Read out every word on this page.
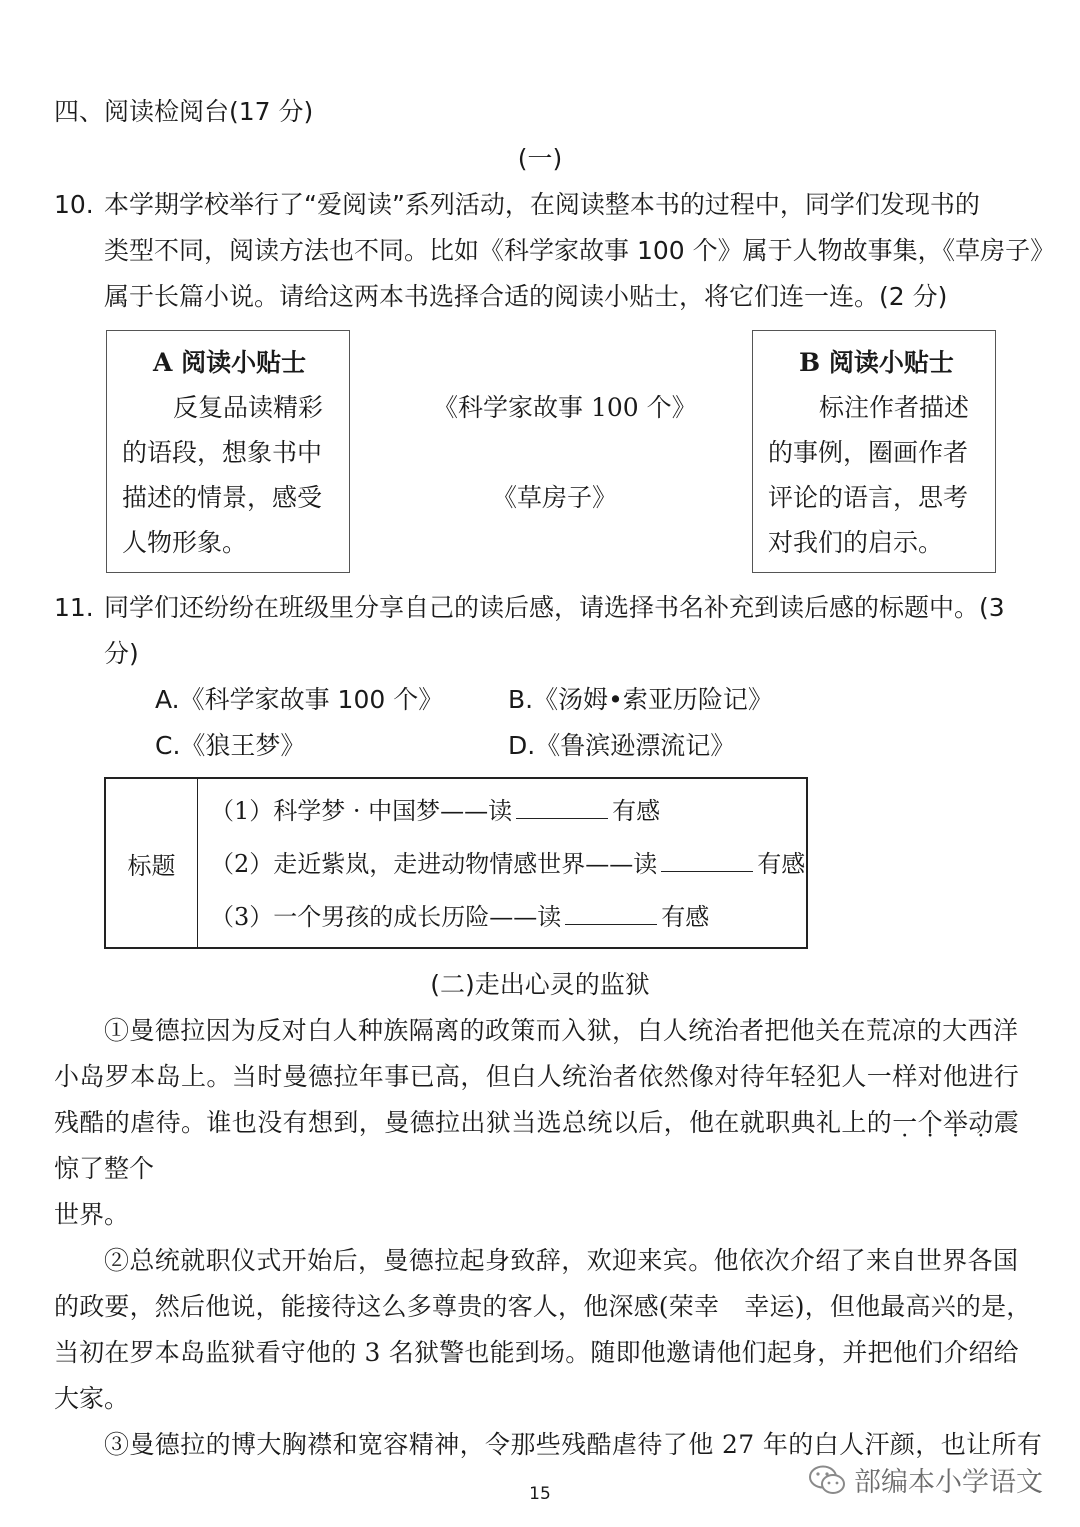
四、阅读检阅台(17 分)
(一)
10. 本学期学校举行了“爱阅读”系列活动，在阅读整本书的过程中，同学们发现书的
类型不同，阅读方法也不同。比如《科学家故事 100 个》属于人物故事集，《草房子》
属于长篇小说。请给这两本书选择合适的阅读小贴士，将它们连一连。(2 分)
A 阅读小贴士
反复品读精彩
的语段，想象书中
描述的情景，感受
人物形象。
《科学家故事 100 个》
《草房子》
B 阅读小贴士
标注作者描述
的事例，圈画作者
评论的语言，思考
对我们的启示。
11. 同学们还纷纷在班级里分享自己的读后感，请选择书名补充到读后感的标题中。(3
分)
A.《科学家故事 100 个》	B.《汤姆•索亚历险记》
C.《狼王梦》	D.《鲁滨逊漂流记》
标题
（1）科学梦 · 中国梦——读	有感
（2）走近紫岚，走进动物情感世界——读	有感
（3）一个男孩的成长历险——读	有感
(二)走出心灵的监狱
①曼德拉因为反对白人种族隔离的政策而入狱，白人统治者把他关在荒凉的大西洋
小岛罗本岛上。当时曼德拉年事已高，但白人统治者依然像对待年轻犯人一样对他进行
残酷的虐待。谁也没有想到，曼德拉出狱当选总统以后，他在就职典礼上的一个举动震
惊了整个
世界。
②总统就职仪式开始后，曼德拉起身致辞，欢迎来宾。他依次介绍了来自世界各国
的政要，然后他说，能接待这么多尊贵的客人，他深感(荣幸　幸运)，但他最高兴的是，
当初在罗本岛监狱看守他的 3 名狱警也能到场。随即他邀请他们起身，并把他们介绍给
大家。
③曼德拉的博大胸襟和宽容精神，令那些残酷虐待了他 27 年的白人汗颜，也让所有
部编本小学语文
15
